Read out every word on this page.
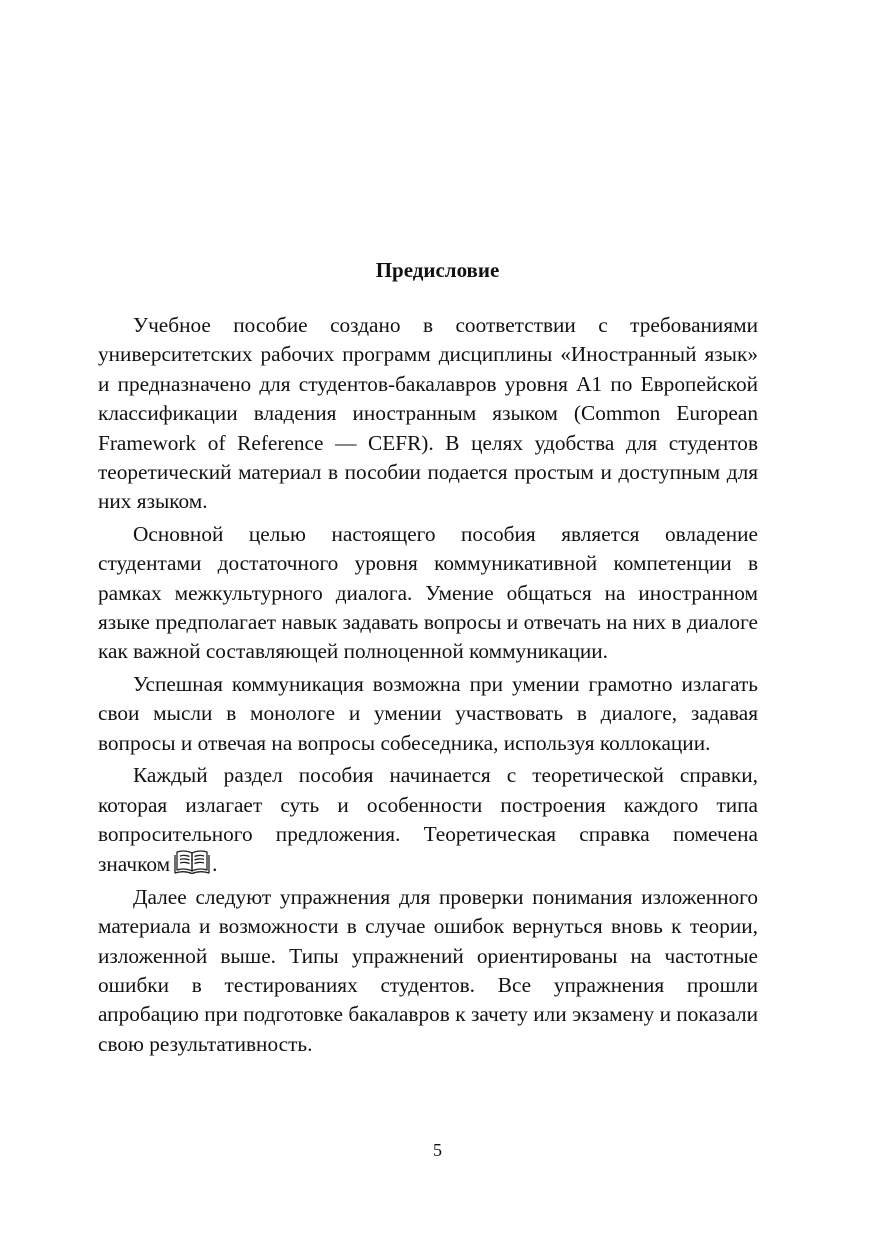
Предисловие

Учебное пособие создано в соответствии с требованиями университетских рабочих программ дисциплины «Иностранный язык» и предназначено для студентов-бакалавров уровня А1 по Европейской классификации владения иностранным языком (Common European Framework of Reference — CEFR). В целях удобства для студентов теоретический материал в пособии подается простым и доступным для них языком.

Основной целью настоящего пособия является овладение студентами достаточного уровня коммуникативной компетенции в рамках межкультурного диалога. Умение общаться на иностранном языке предполагает навык задавать вопросы и отвечать на них в диалоге как важной составляющей полноценной коммуникации.

Успешная коммуникация возможна при умении грамотно излагать свои мысли в монологе и умении участвовать в диалоге, задавая вопросы и отвечая на вопросы собеседника, используя коллокации.

Каждый раздел пособия начинается с теоретической справки, которая излагает суть и особенности построения каждого типа вопросительного предложения. Теоретическая справка помечена значком .

Далее следуют упражнения для проверки понимания изложенного материала и возможности в случае ошибок вернуться вновь к теории, изложенной выше. Типы упражнений ориентированы на частотные ошибки в тестированиях студентов. Все упражнения прошли апробацию при подготовке бакалавров к зачету или экзамену и показали свою результативность.

5
